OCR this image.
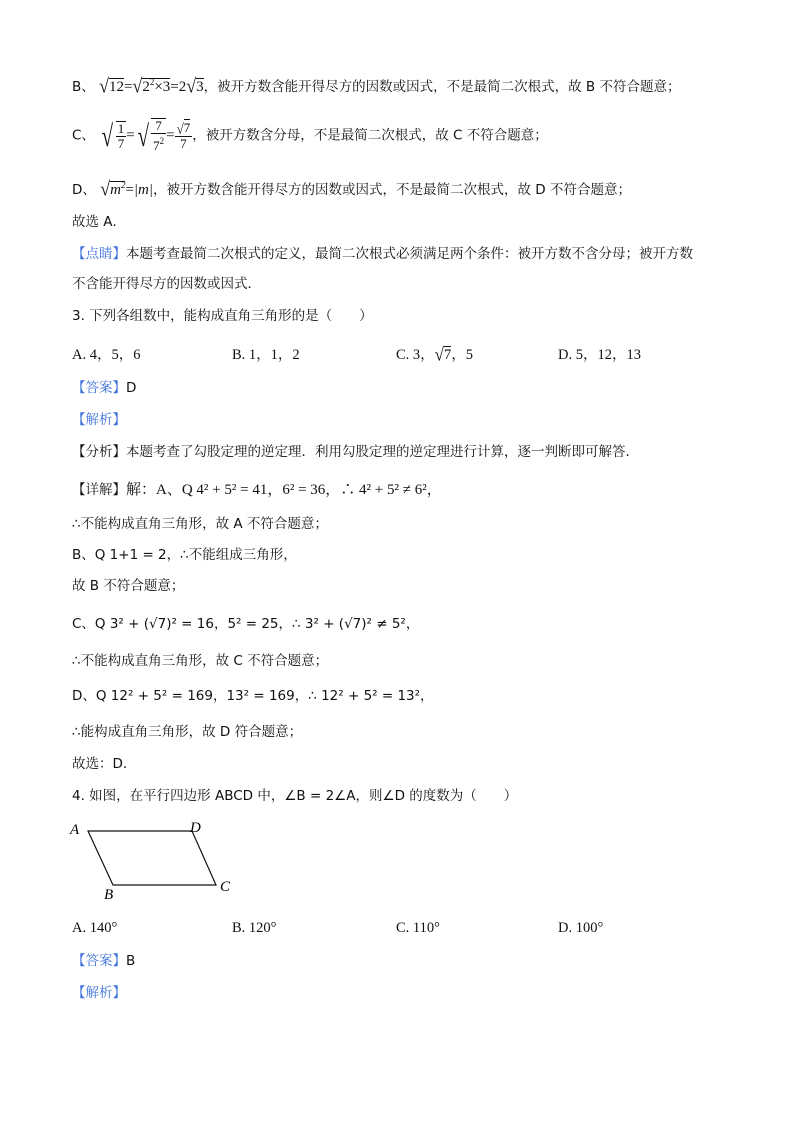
B、 $√12=√2^2\times 3=2√3$，被开方数含能开得尽方的因数或因式，不是最简二次根式，故 B 不符合题意；
C、 √ $\frac{1}{7}$ =√ $\frac{7}{7^2} = \frac{√7}{7}$ ，被开方数含分母，不是最简二次根式，故 C 不符合题意；
D、 $√m^2=|m|$，被开方数含能开得尽方的因数或因式，不是最简二次根式，故 D 不符合题意；
故选 A．
【点睛】本题考查最简二次根式的定义，最简二次根式必须满足两个条件：被开方数不含分母；被开方数
不含能开得尽方的因数或因式．
3. 下列各组数中，能构成直角三角形的是（　　）
A. 4，5，6	B. 1，1，2	C. 3，√7，5	D. 5，12，13
【答案】D
【解析】
【分析】本题考查了勾股定理的逆定理．利用勾股定理的逆定理进行计算，逐一判断即可解答．
【详解】解：A、Q 4² + 5² = 41，6² = 36，∴ 4² + 5² ≠ 6²，
∴不能构成直角三角形，故 A 不符合题意；
B、Q 1+1 = 2，∴不能组成三角形，
故 B 不符合题意；
C、Q 3² + (√7)² = 16，5² = 25，∴ 3² + (√7)² ≠ 5²，
∴不能构成直角三角形，故 C 不符合题意；
D、Q 12² + 5² = 169，13² = 169，∴ 12² + 5² = 13²，
∴能构成直角三角形，故 D 符合题意；
故选：D．
4. 如图，在平行四边形 ABCD 中，∠B = 2∠A，则∠D 的度数为（　　）
A	D
B	C
A. 140°	B. 120°	C. 110°	D. 100°
【答案】B
【解析】
